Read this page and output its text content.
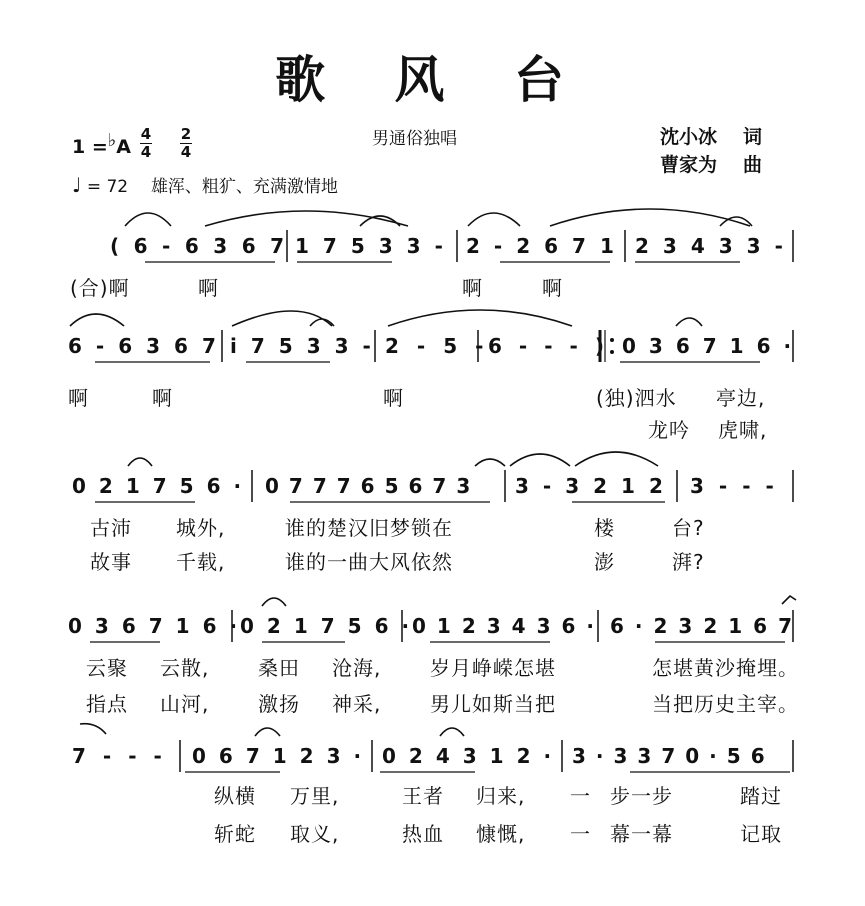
歌 风 台
男通俗独唱
1 =♭A
4
4
2
4
沈小冰 词
曹家为 曲
♩ = 72 雄浑、粗犷、充满激情地
(6-6367
17533- 2-2671 23433-
6-6367 i7533- 2-5-
6---) 036716·
021756· 077765673 3-3212 3---
036716·
021756·
0123436· 6·232167
7--- 067123· 024312· 3·3370·56
(合)啊	啊	啊	啊
啊	啊	啊	(独)泗水 亭边,
龙吟 虎啸,
古沛 城外,	谁的楚汉旧梦锁在	楼	台?
故事 千载,	谁的一曲大风依然	澎	湃?
云聚 云散, 桑田 沧海, 岁月峥嵘怎堪	怎堪黄沙掩埋。
指点 山河, 激扬 神采, 男儿如斯当把	当把历史主宰。
纵横 万里,	王者 归来, 一 步一步	踏过
斩蛇 取义,	热血 慷慨, 一 幕一幕	记取
